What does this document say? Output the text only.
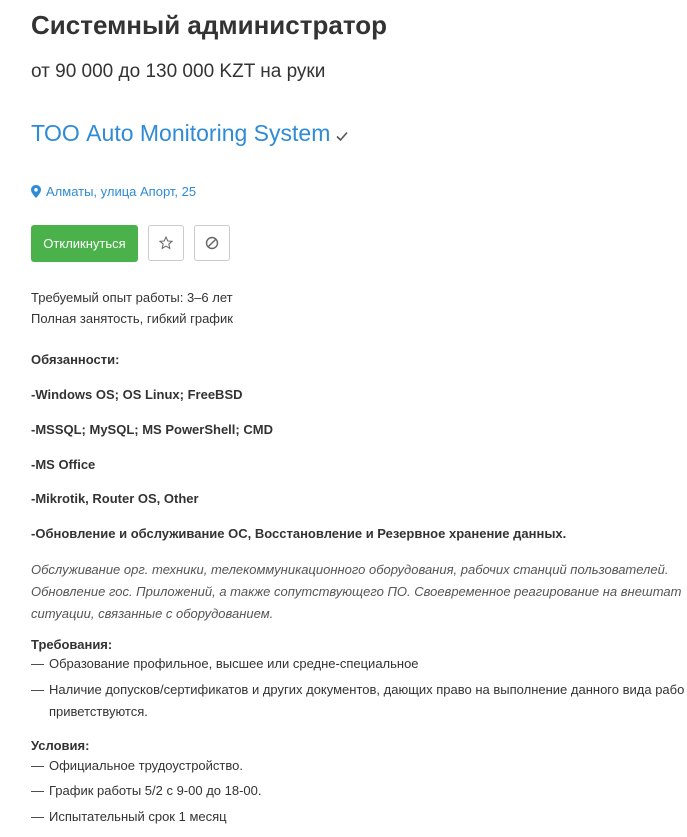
Системный администратор
от 90 000 до 130 000 KZT на руки
ТОО Auto Monitoring System
Алматы, улица Апорт, 25
Откликнуться
Требуемый опыт работы: 3–6 лет
Полная занятость, гибкий график
Обязанности:
-Windows OS; OS Linux; FreeBSD
-MSSQL; MySQL; MS PowerShell; CMD
-MS Office
-Mikrotik, Router OS, Other
-Обновление и обслуживание ОС, Восстановление и Резервное хранение данных.
Обслуживание орг. техники, телекоммуникационного оборудования, рабочих станций пользователей.
Обновление гос. Приложений, а также сопутствующего ПО. Своевременное реагирование на внештат
ситуации, связанные с оборудованием.
Требования:
— Образование профильное, высшее или средне-специальное
— Наличие допусков/сертификатов и других документов, дающих право на выполнение данного вида рабо
приветствуются.
Условия:
— Официальное трудоустройство.
— График работы 5/2 с 9-00 до 18-00.
— Испытательный срок 1 месяц
